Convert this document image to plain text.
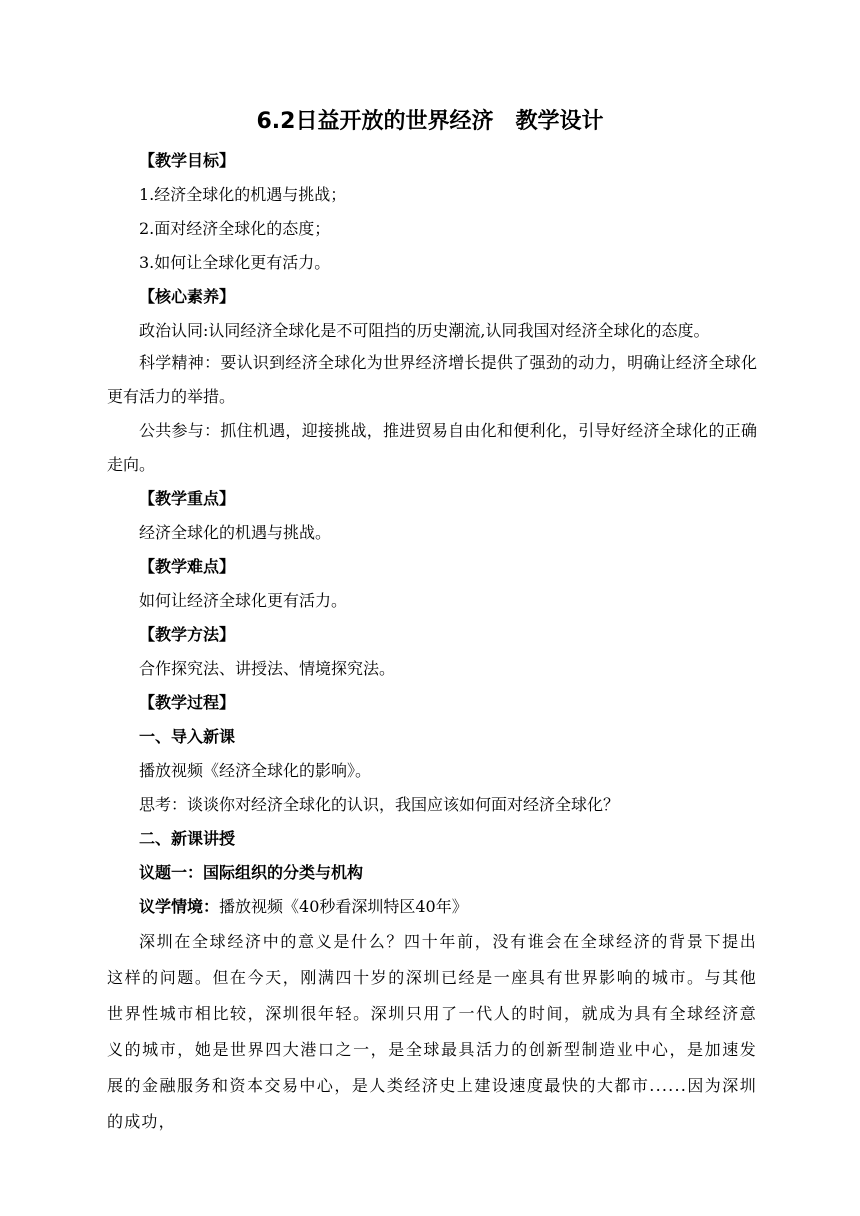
6.2日益开放的世界经济　教学设计
【教学目标】
1.经济全球化的机遇与挑战；
2.面对经济全球化的态度；
3.如何让全球化更有活力。
【核心素养】
政治认同:认同经济全球化是不可阻挡的历史潮流,认同我国对经济全球化的态度。
科学精神：要认识到经济全球化为世界经济增长提供了强劲的动力，明确让经济全球化更有活力的举措。
公共参与：抓住机遇，迎接挑战，推进贸易自由化和便利化，引导好经济全球化的正确走向。
【教学重点】
经济全球化的机遇与挑战。
【教学难点】
如何让经济全球化更有活力。
【教学方法】
合作探究法、讲授法、情境探究法。
【教学过程】
一、导入新课
播放视频《经济全球化的影响》。
思考：谈谈你对经济全球化的认识，我国应该如何面对经济全球化？
二、新课讲授
议题一：国际组织的分类与机构
议学情境：播放视频《40秒看深圳特区40年》
深圳在全球经济中的意义是什么？四十年前，没有谁会在全球经济的背景下提出这样的问题。但在今天，刚满四十岁的深圳已经是一座具有世界影响的城市。与其他世界性城市相比较，深圳很年轻。深圳只用了一代人的时间，就成为具有全球经济意义的城市，她是世界四大港口之一，是全球最具活力的创新型制造业中心，是加速发展的金融服务和资本交易中心，是人类经济史上建设速度最快的大都市......因为深圳的成功，
